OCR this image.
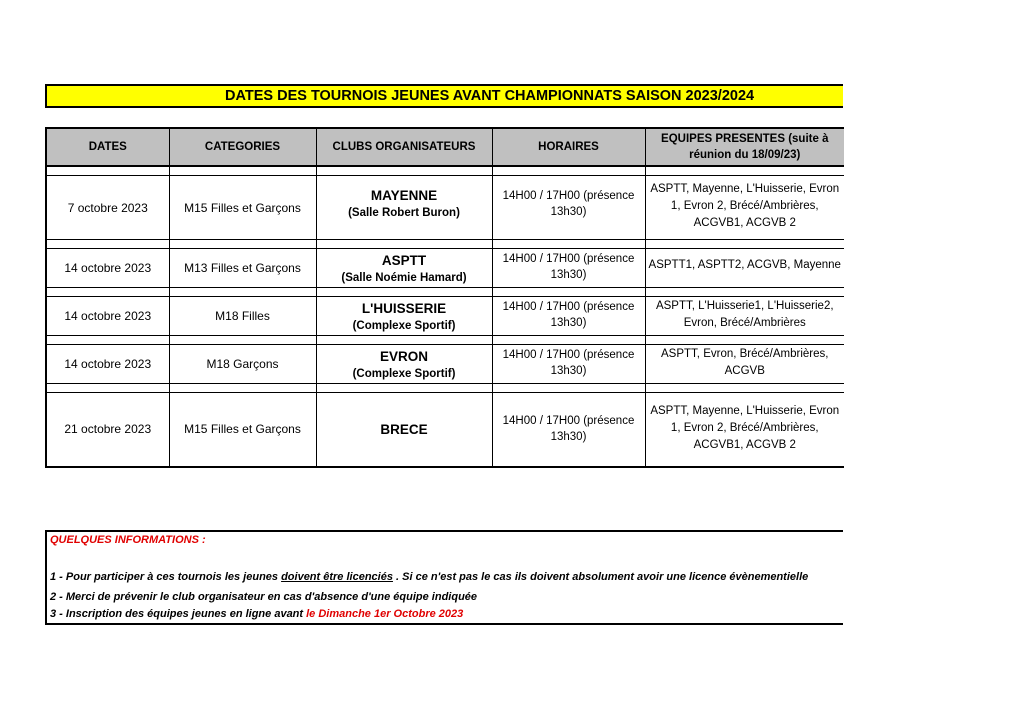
DATES DES TOURNOIS JEUNES AVANT CHAMPIONNATS SAISON 2023/2024
DATES	CATEGORIES	CLUBS ORGANISATEURS	HORAIRES	EQUIPES PRESENTES (suite à
réunion du 18/09/23)

7 octobre 2023	M15 Filles et Garçons	MAYENNE
(Salle Robert Buron)	14H00 / 17H00 (présence
13h30)	ASPTT, Mayenne, L'Huisserie, Evron
1, Evron 2, Brécé/Ambrières,
ACGVB1, ACGVB 2

14 octobre 2023	M13 Filles et Garçons	ASPTT
(Salle Noémie Hamard)	14H00 / 17H00 (présence
13h30)	ASPTT1, ASPTT2, ACGVB, Mayenne

14 octobre 2023	M18 Filles	L'HUISSERIE
(Complexe Sportif)	14H00 / 17H00 (présence
13h30)	ASPTT, L'Huisserie1, L'Huisserie2,
Evron, Brécé/Ambrières

14 octobre 2023	M18 Garçons	EVRON
(Complexe Sportif)	14H00 / 17H00 (présence
13h30)	ASPTT, Evron, Brécé/Ambrières,
ACGVB

21 octobre 2023	M15 Filles et Garçons	BRECE	14H00 / 17H00 (présence
13h30)	ASPTT, Mayenne, L'Huisserie, Evron
1, Evron 2, Brécé/Ambrières,
ACGVB1, ACGVB 2
QUELQUES INFORMATIONS :
1 - Pour participer à ces tournois les jeunes doivent être licenciés . Si ce n'est pas le cas ils doivent absolument avoir une licence évènementielle
2 - Merci de prévenir le club organisateur en cas d'absence d'une équipe indiquée
3 - Inscription des équipes jeunes en ligne avant le Dimanche 1er Octobre 2023
